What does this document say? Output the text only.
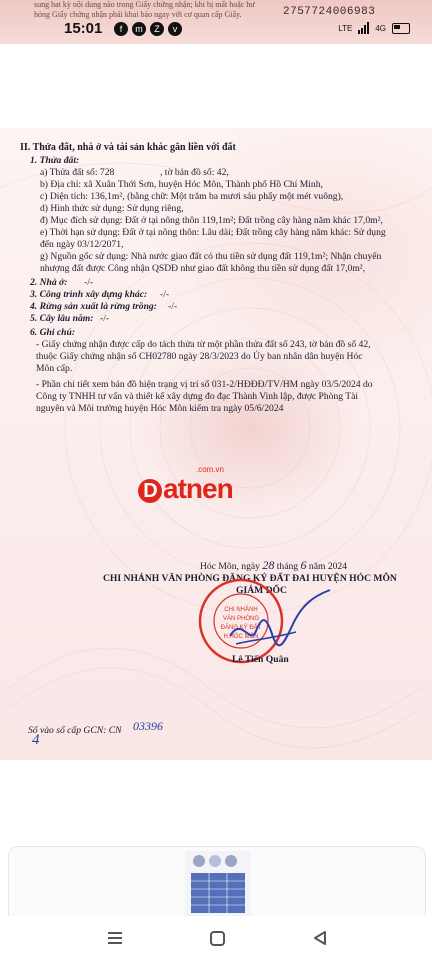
sung bat kỳ nội dung nào trong Giấy chứng nhận; khi bị mất hoặc hư
hỏng Giấy chứng nhận phải khai báo ngay với cơ quan cấp Giấy.	2757724006983
15:01	f	m	Z	v	LTE	4G
II. Thửa đất, nhà ở và tài sản khác gắn liền với đất
1. Thửa đất:
a) Thửa đất số: 728	, tờ bản đồ số: 42,
b) Địa chỉ: xã Xuân Thới Sơn, huyện Hóc Môn, Thành phố Hồ Chí Minh,
c) Diện tích: 136,1m², (bằng chữ: Một trăm ba mươi sáu phẩy một mét vuông),
d) Hình thức sử dụng: Sử dụng riêng,
đ) Mục đích sử dụng: Đất ở tại nông thôn 119,1m²; Đất trồng cây hàng năm khác 17,0m²,
e) Thời hạn sử dụng: Đất ở tại nông thôn: Lâu dài; Đất trồng cây hàng năm khác: Sử dụng
đến ngày 03/12/2071,
g) Nguồn gốc sử dụng: Nhà nước giao đất có thu tiền sử dụng đất 119,1m²; Nhận chuyển
nhượng đất được Công nhận QSDĐ như giao đất không thu tiền sử dụng đất 17,0m²,
2. Nhà ở: -/-
3. Công trình xây dựng khác: -/-
4. Rừng sản xuất là rừng trồng: -/-
5. Cây lâu năm: -/-
6. Ghi chú:
- Giấy chứng nhận được cấp do tách thửa từ một phần thửa đất số 243, tờ bản đồ số 42,
thuộc Giấy chứng nhận số CH02780 ngày 28/3/2023 do Ủy ban nhân dân huyện Hóc
Môn cấp.
- Phần chi tiết xem bản đồ hiện trạng vị trí số 031-2/HĐĐĐ/TV/HM ngày 03/5/2024 do
Công ty TNHH tư vấn và thiết kế xây dựng đo đạc Thành Vinh lập, được Phòng Tài
nguyên và Môi trường huyện Hóc Môn kiểm tra ngày 05/6/2024
.com.vn
D atnen
Hóc Môn, ngày 28 tháng 6 năm 2024
CHI NHÁNH VĂN PHÒNG ĐĂNG KÝ ĐẤT ĐAI HUYỆN HÓC MÔN
GIÁM ĐỐC
CHI NHÁNH
VĂN PHÒNG
ĐĂNG KÝ ĐẤT
H.HÓC MÔN
Lê Tiến Quân
Số vào sổ cấp GCN: CN 03396
4
